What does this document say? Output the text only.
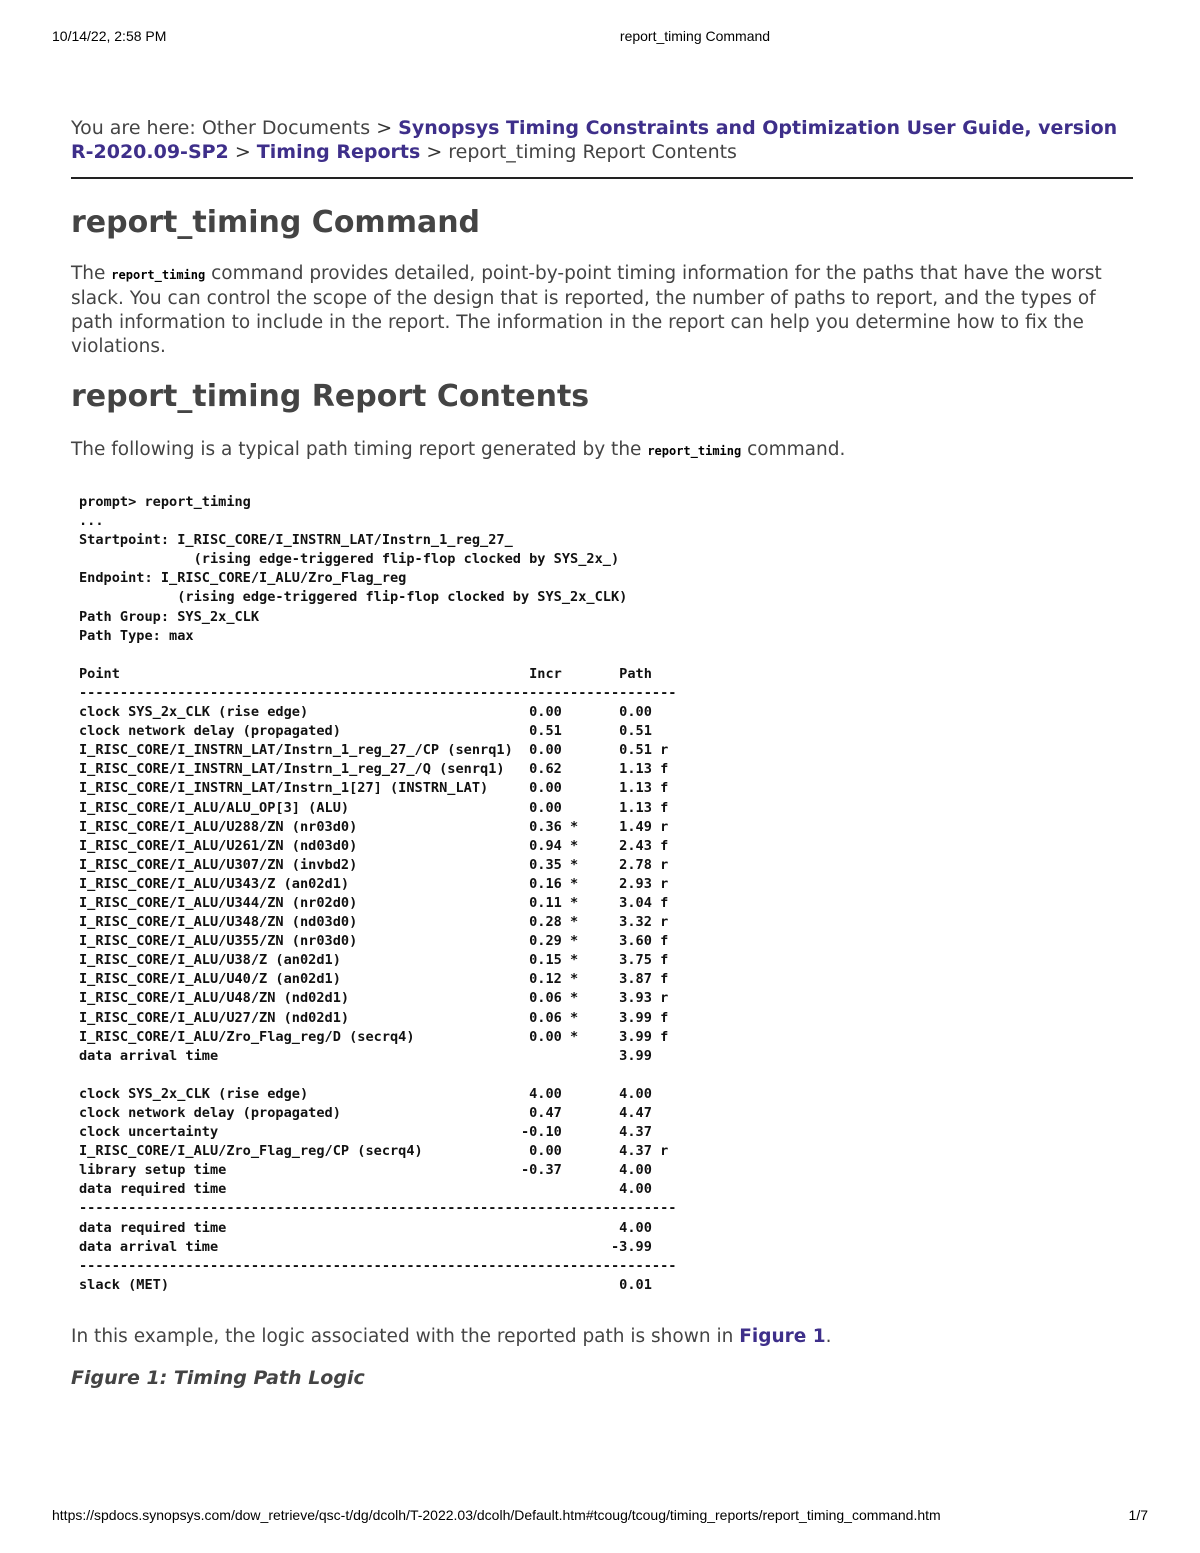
10/14/22, 2:58 PM	report_timing Command
You are here: Other Documents > Synopsys Timing Constraints and Optimization User Guide, version R-2020.09-SP2 > Timing Reports > report_timing Report Contents
report_timing Command

The report_timing command provides detailed, point-by-point timing information for the paths that have the worst slack. You can control the scope of the design that is reported, the number of paths to report, and the types of path information to include in the report. The information in the report can help you determine how to fix the violations.

report_timing Report Contents

The following is a typical path timing report generated by the report_timing command.

prompt> report_timing
...
Startpoint: I_RISC_CORE/I_INSTRN_LAT/Instrn_1_reg_27_
(rising edge-triggered flip-flop clocked by SYS_2x_)
Endpoint: I_RISC_CORE/I_ALU/Zro_Flag_reg
(rising edge-triggered flip-flop clocked by SYS_2x_CLK)
Path Group: SYS_2x_CLK
Path Type: max

Point                                                  Incr       Path
-------------------------------------------------------------------------
clock SYS_2x_CLK (rise edge)                           0.00       0.00
clock network delay (propagated)                       0.51       0.51
I_RISC_CORE/I_INSTRN_LAT/Instrn_1_reg_27_/CP (senrq1)  0.00       0.51 r
I_RISC_CORE/I_INSTRN_LAT/Instrn_1_reg_27_/Q (senrq1)   0.62       1.13 f
I_RISC_CORE/I_INSTRN_LAT/Instrn_1[27] (INSTRN_LAT)     0.00       1.13 f
I_RISC_CORE/I_ALU/ALU_OP[3] (ALU)                      0.00       1.13 f
I_RISC_CORE/I_ALU/U288/ZN (nr03d0)                     0.36 *     1.49 r
I_RISC_CORE/I_ALU/U261/ZN (nd03d0)                     0.94 *     2.43 f
I_RISC_CORE/I_ALU/U307/ZN (invbd2)                     0.35 *     2.78 r
I_RISC_CORE/I_ALU/U343/Z (an02d1)                      0.16 *     2.93 r
I_RISC_CORE/I_ALU/U344/ZN (nr02d0)                     0.11 *     3.04 f
I_RISC_CORE/I_ALU/U348/ZN (nd03d0)                     0.28 *     3.32 r
I_RISC_CORE/I_ALU/U355/ZN (nr03d0)                     0.29 *     3.60 f
I_RISC_CORE/I_ALU/U38/Z (an02d1)                       0.15 *     3.75 f
I_RISC_CORE/I_ALU/U40/Z (an02d1)                       0.12 *     3.87 f
I_RISC_CORE/I_ALU/U48/ZN (nd02d1)                      0.06 *     3.93 r
I_RISC_CORE/I_ALU/U27/ZN (nd02d1)                      0.06 *     3.99 f
I_RISC_CORE/I_ALU/Zro_Flag_reg/D (secrq4)              0.00 *     3.99 f
data arrival time                                                 3.99

clock SYS_2x_CLK (rise edge)                           4.00       4.00
clock network delay (propagated)                       0.47       4.47
clock uncertainty                                     -0.10       4.37
I_RISC_CORE/I_ALU/Zro_Flag_reg/CP (secrq4)             0.00       4.37 r
library setup time                                    -0.37       4.00
data required time                                                4.00
-------------------------------------------------------------------------
data required time                                                4.00
data arrival time                                                -3.99
-------------------------------------------------------------------------
slack (MET)                                                       0.01

In this example, the logic associated with the reported path is shown in Figure 1.

Figure 1: Timing Path Logic
https://spdocs.synopsys.com/dow_retrieve/qsc-t/dg/dcolh/T-2022.03/dcolh/Default.htm#tcoug/tcoug/timing_reports/report_timing_command.htm	1/7
